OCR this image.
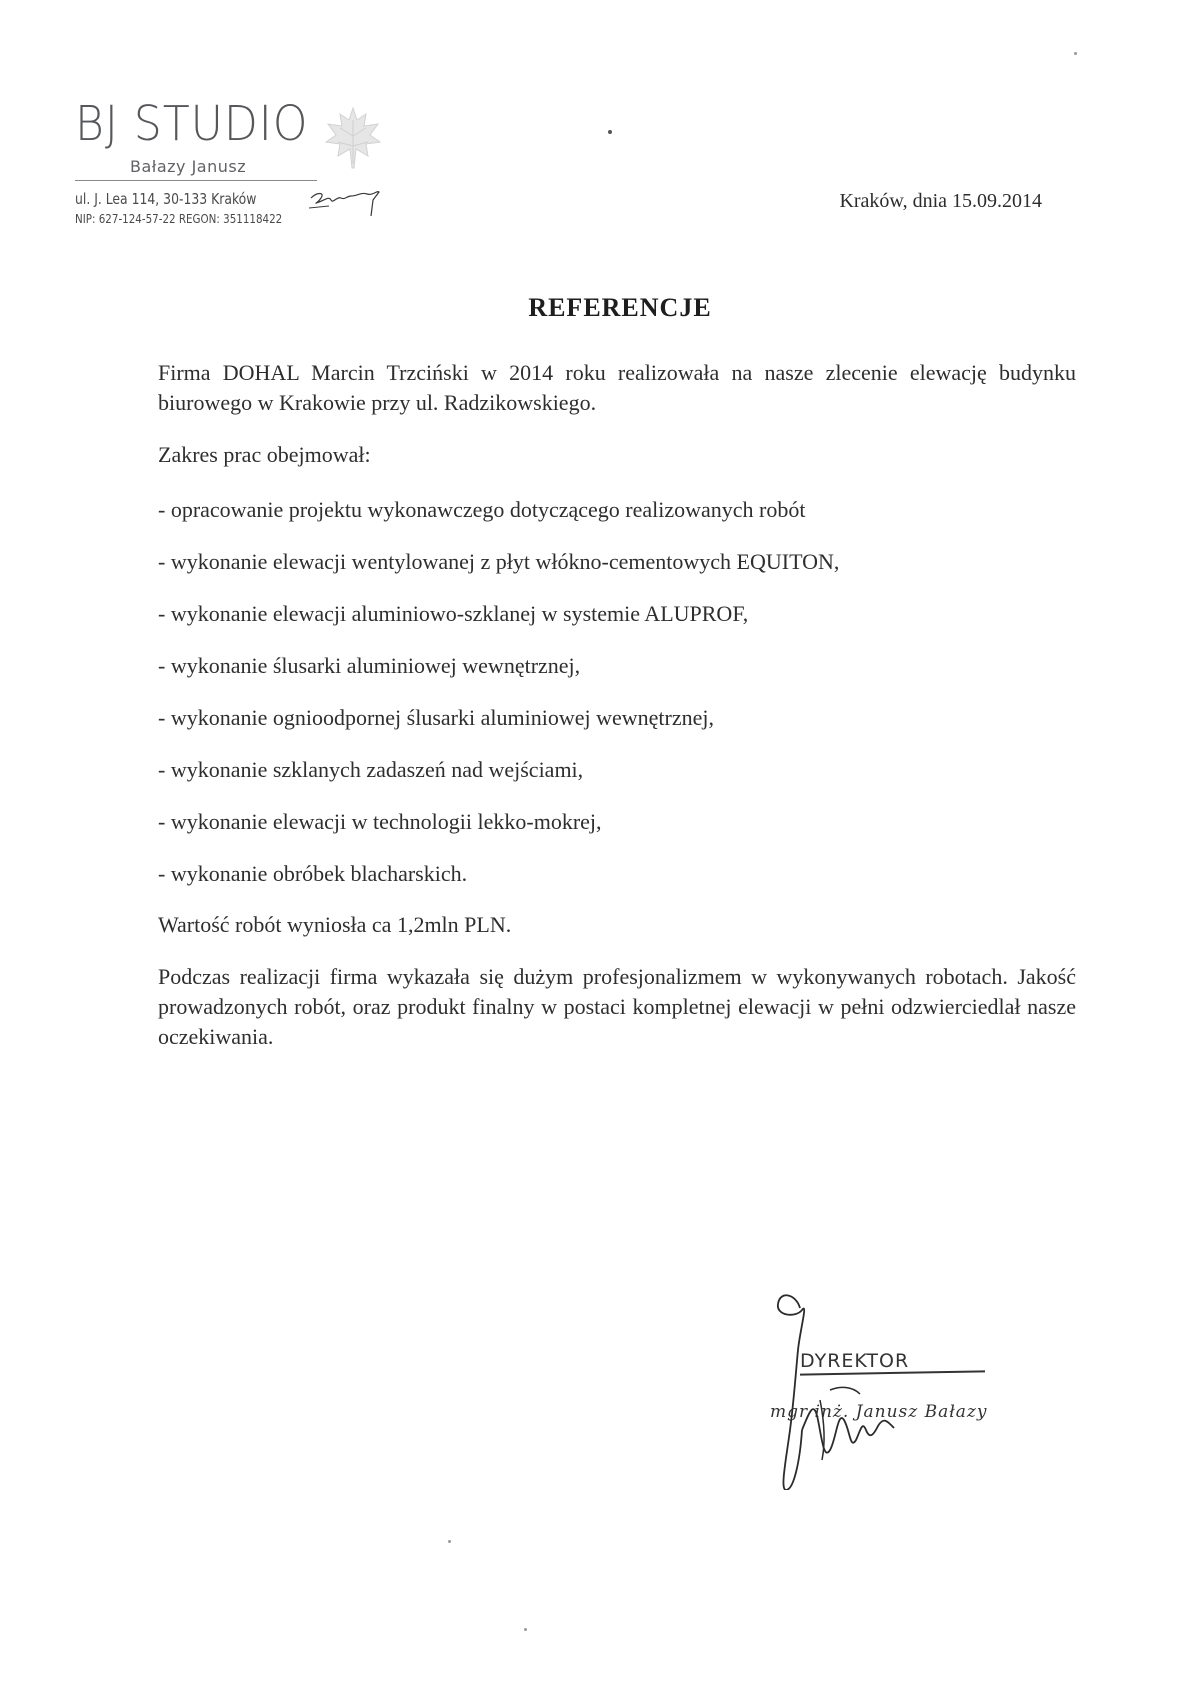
BJ STUDIO
Bałazy Janusz
ul. J. Lea 114, 30-133 Kraków
NIP: 627-124-57-22 REGON: 351118422
Kraków, dnia 15.09.2014
REFERENCJE
Firma DOHAL Marcin Trzciński w 2014 roku realizowała na nasze zlecenie elewację budynku biurowego w Krakowie przy ul. Radzikowskiego.
Zakres prac obejmował:
- opracowanie projektu wykonawczego dotyczącego realizowanych robót
- wykonanie elewacji wentylowanej z płyt włókno-cementowych EQUITON,
- wykonanie elewacji aluminiowo-szklanej w systemie ALUPROF,
- wykonanie ślusarki aluminiowej wewnętrznej,
- wykonanie ognioodpornej ślusarki aluminiowej wewnętrznej,
- wykonanie szklanych zadaszeń nad wejściami,
- wykonanie elewacji w technologii lekko-mokrej,
- wykonanie obróbek blacharskich.
Wartość robót wyniosła ca 1,2mln PLN.
Podczas realizacji firma wykazała się dużym profesjonalizmem w wykonywanych robotach. Jakość prowadzonych robót, oraz produkt finalny w postaci kompletnej elewacji w pełni odzwierciedlał nasze oczekiwania.
DYREKTOR
mgr inż. Janusz Bałazy
